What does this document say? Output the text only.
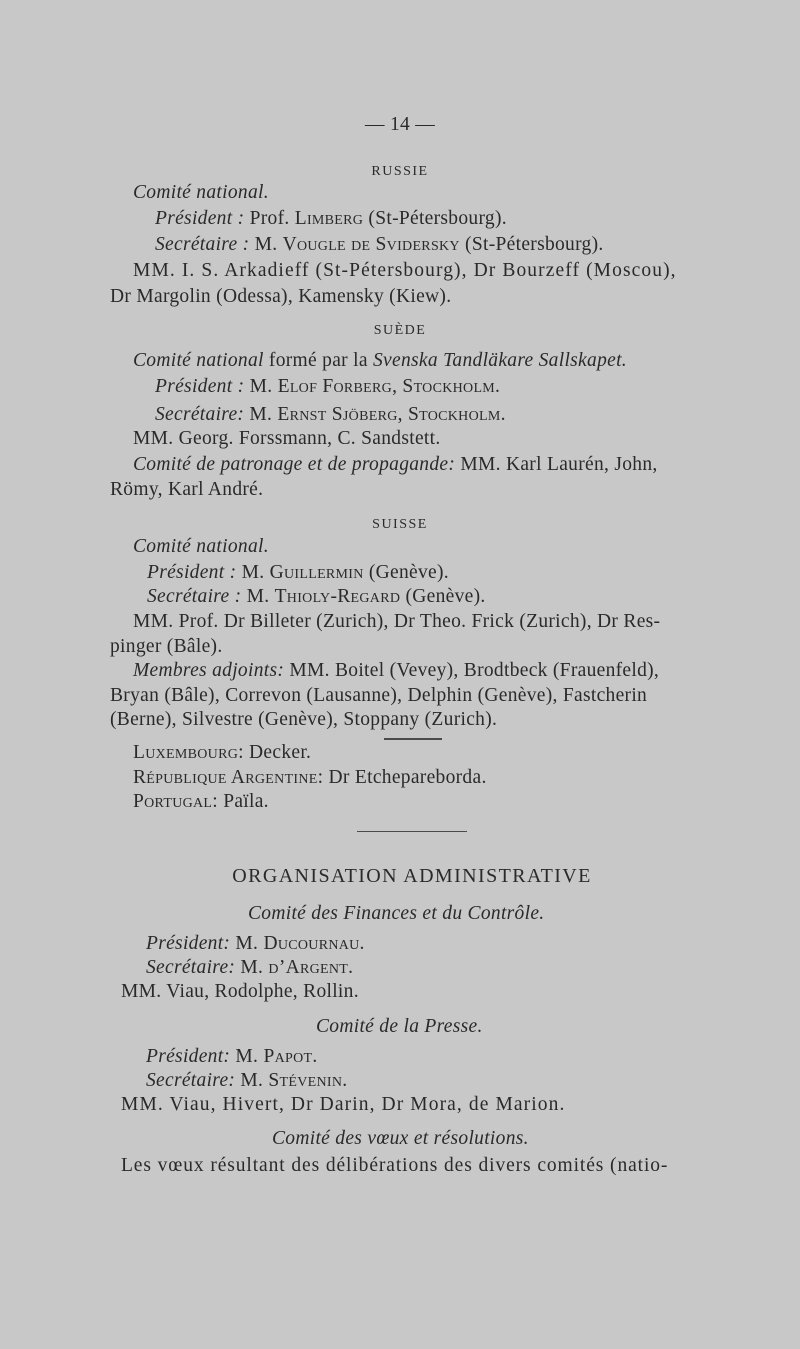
— 14 —
RUSSIE
Comité national.
Président : Prof. Limberg (St-Pétersbourg).
Secrétaire : M. Vougle de Svidersky (St-Pétersbourg).
MM. I. S. Arkadieff (St-Pétersbourg), Dr Bourzeff (Moscou),
Dr Margolin (Odessa), Kamensky (Kiew).
SUÈDE
Comité national formé par la Svenska Tandläkare Sallskapet.
Président : M. Elof Forberg, Stockholm.
Secrétaire: M. Ernst Sjöberg, Stockholm.
MM. Georg. Forssmann, C. Sandstett.
Comité de patronage et de propagande: MM. Karl Laurén, John,
Römy, Karl André.
SUISSE
Comité national.
Président : M. Guillermin (Genève).
Secrétaire : M. Thioly-Regard (Genève).
MM. Prof. Dr Billeter (Zurich), Dr Theo. Frick (Zurich), Dr Res-
pinger (Bâle).
Membres adjoints: MM. Boitel (Vevey), Brodtbeck (Frauenfeld),
Bryan (Bâle), Correvon (Lausanne), Delphin (Genève), Fastcherin
(Berne), Silvestre (Genève), Stoppany (Zurich).
Luxembourg: Decker.
République Argentine: Dr Etchepareborda.
Portugal: Païla.
ORGANISATION ADMINISTRATIVE
Comité des Finances et du Contrôle.
Président: M. Ducournau.
Secrétaire: M. d’Argent.
MM. Viau, Rodolphe, Rollin.
Comité de la Presse.
Président: M. Papot.
Secrétaire: M. Stévenin.
MM. Viau, Hivert, Dr Darin, Dr Mora, de Marion.
Comité des vœux et résolutions.
Les vœux résultant des délibérations des divers comités (natio-
